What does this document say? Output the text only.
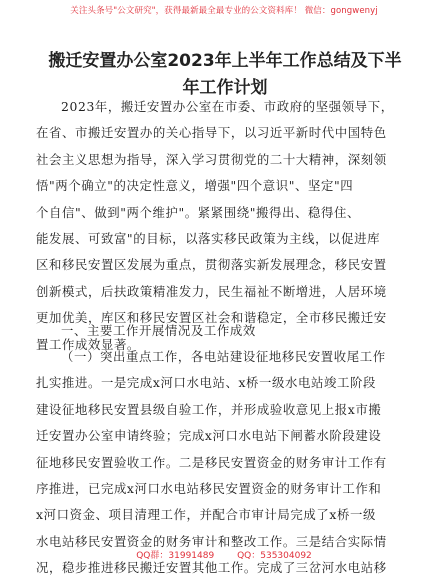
关注头条号"公文研究"，获得最新最全最专业的公文资料库！ 微信：gongwenyj
搬迁安置办公室2023年上半年工作总结及下半
年工作计划
2023年，搬迁安置办公室在市委、市政府的坚强领导下，
在省、市搬迁安置办的关心指导下，以习近平新时代中国特色
社会主义思想为指导，深入学习贯彻党的二十大精神，深刻领
悟"两个确立"的决定性意义，增强"四个意识"、坚定"四
个自信"、做到"两个维护"。紧紧围绕"搬得出、稳得住、
能发展、可致富"的目标，以落实移民政策为主线，以促进库
区和移民安置区发展为重点，贯彻落实新发展理念，移民安置
创新模式，后扶政策精准发力，民生福祉不断增进，人居环境
更加优美，库区和移民安置区社会和谐稳定，全市移民搬迁安
置工作成效显著。
一、主要工作开展情况及工作成效
（一）突出重点工作，各电站建设征地移民安置收尾工作
扎实推进。一是完成x河口水电站、x桥一级水电站竣工阶段
建设征地移民安置县级自验工作，并形成验收意见上报x市搬
迁安置办公室申请终验；完成x河口水电站下闸蓄水阶段建设
征地移民安置验收工作。二是移民安置资金的财务审计工作有
序推进，已完成x河口水电站移民安置资金的财务审计工作和
x河口资金、项目清理工作，并配合市审计局完成了x桥一级
水电站移民安置资金的财务审计和整改工作。三是结合实际情
况，稳步推进移民搬迁安置其他工作。完成了三岔河水电站移
QQ群：31991489	QQ：535304092
